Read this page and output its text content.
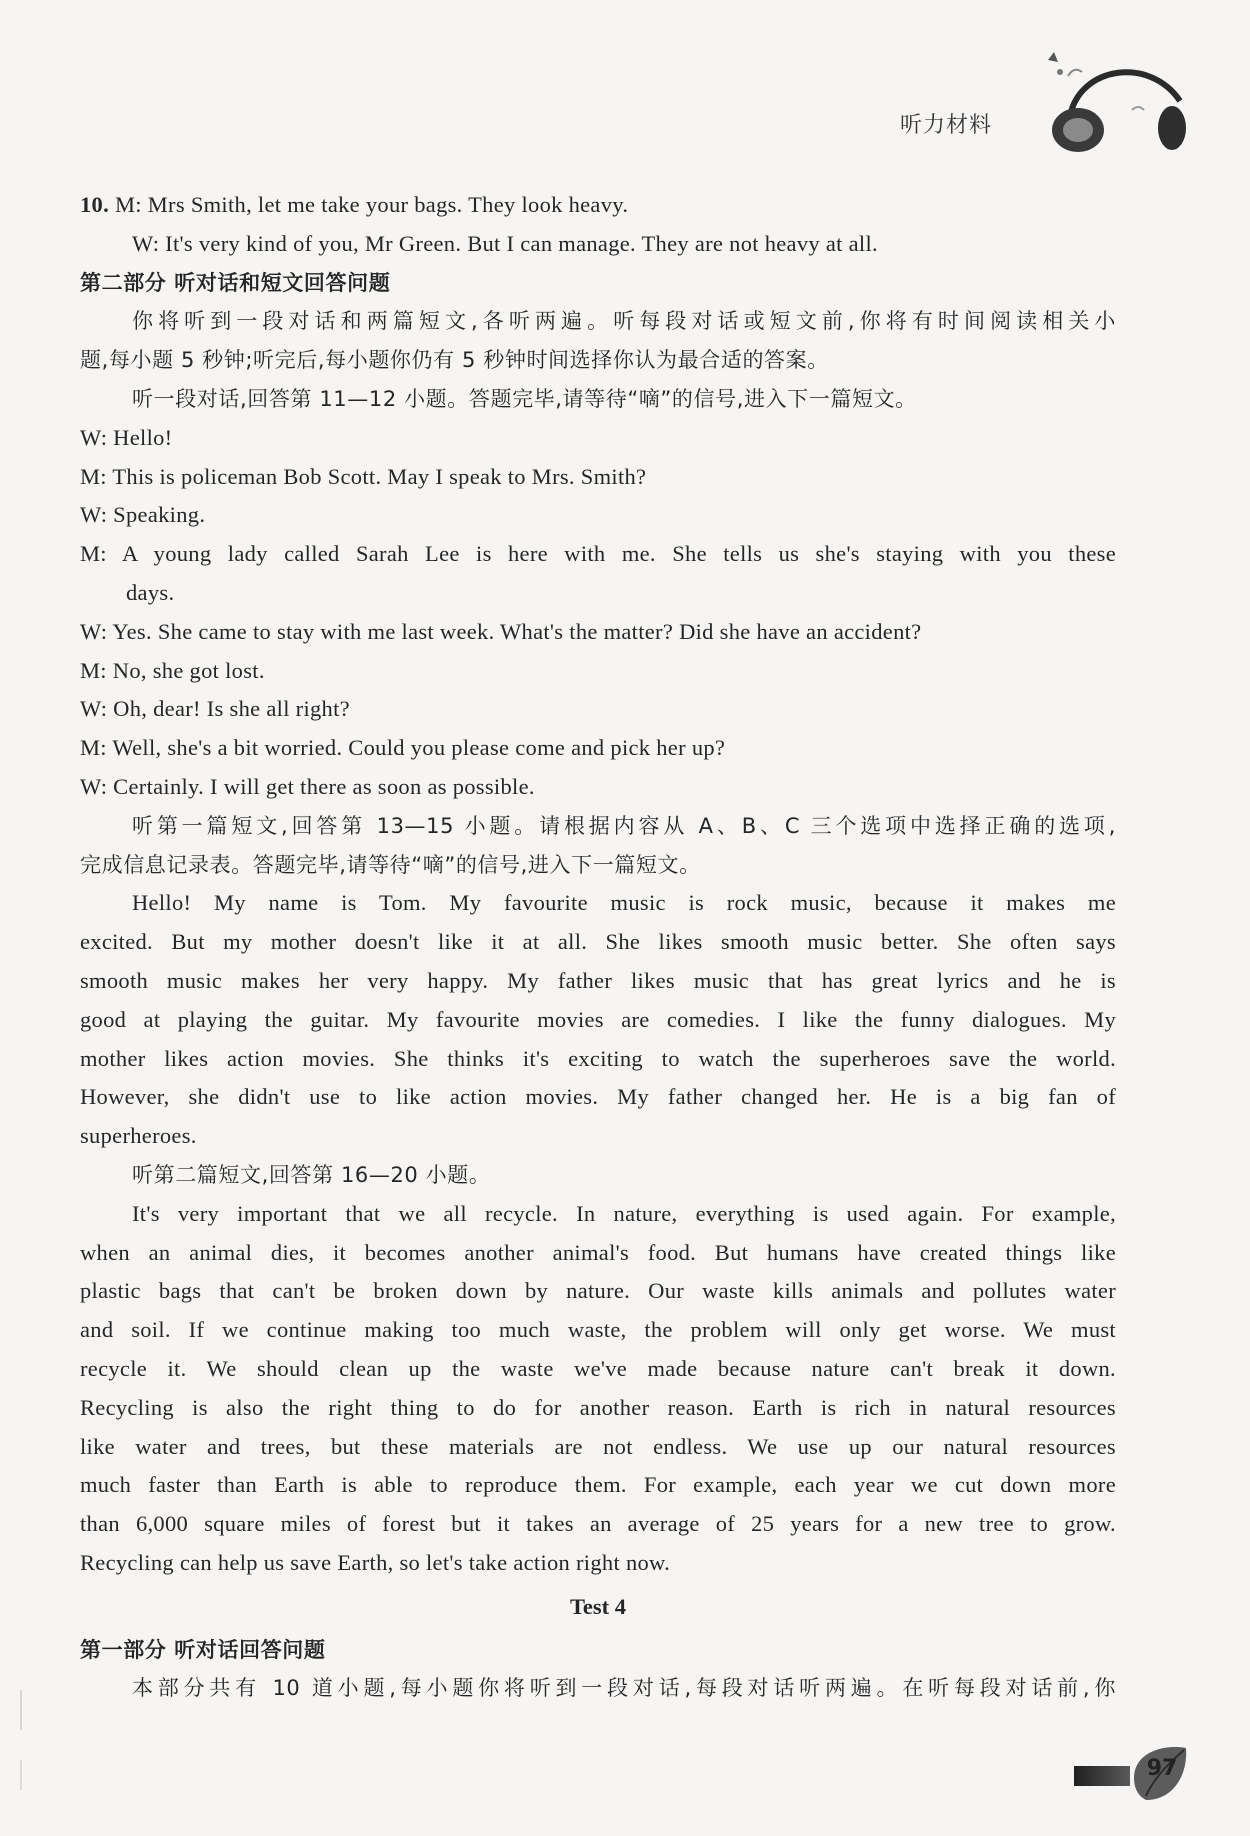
听力材料

10. M: Mrs Smith, let me take your bags. They look heavy.

W: It's very kind of you, Mr Green. But I can manage. They are not heavy at all.

第二部分 听对话和短文回答问题

你将听到一段对话和两篇短文,各听两遍。听每段对话或短文前,你将有时间阅读相关小

题,每小题 5 秒钟;听完后,每小题你仍有 5 秒钟时间选择你认为最合适的答案。

听一段对话,回答第 11—12 小题。答题完毕,请等待“嘀”的信号,进入下一篇短文。

W: Hello!

M: This is policeman Bob Scott. May I speak to Mrs. Smith?

W: Speaking.

M: A young lady called Sarah Lee is here with me. She tells us she's staying with you these

days.

W: Yes. She came to stay with me last week. What's the matter? Did she have an accident?

M: No, she got lost.

W: Oh, dear! Is she all right?

M: Well, she's a bit worried. Could you please come and pick her up?

W: Certainly. I will get there as soon as possible.

听第一篇短文,回答第 13—15 小题。请根据内容从 A、B、C 三个选项中选择正确的选项,

完成信息记录表。答题完毕,请等待“嘀”的信号,进入下一篇短文。

Hello! My name is Tom. My favourite music is rock music, because it makes me

excited. But my mother doesn't like it at all. She likes smooth music better. She often says

smooth music makes her very happy. My father likes music that has great lyrics and he is

good at playing the guitar. My favourite movies are comedies. I like the funny dialogues. My

mother likes action movies. She thinks it's exciting to watch the superheroes save the world.

However, she didn't use to like action movies. My father changed her. He is a big fan of

superheroes.

听第二篇短文,回答第 16—20 小题。

It's very important that we all recycle. In nature, everything is used again. For example,

when an animal dies, it becomes another animal's food. But humans have created things like

plastic bags that can't be broken down by nature. Our waste kills animals and pollutes water

and soil. If we continue making too much waste, the problem will only get worse. We must

recycle it. We should clean up the waste we've made because nature can't break it down.

Recycling is also the right thing to do for another reason. Earth is rich in natural resources

like water and trees, but these materials are not endless. We use up our natural resources

much faster than Earth is able to reproduce them. For example, each year we cut down more

than 6,000 square miles of forest but it takes an average of 25 years for a new tree to grow.

Recycling can help us save Earth, so let's take action right now.

Test 4

第一部分 听对话回答问题

本部分共有 10 道小题,每小题你将听到一段对话,每段对话听两遍。在听每段对话前,你

97
